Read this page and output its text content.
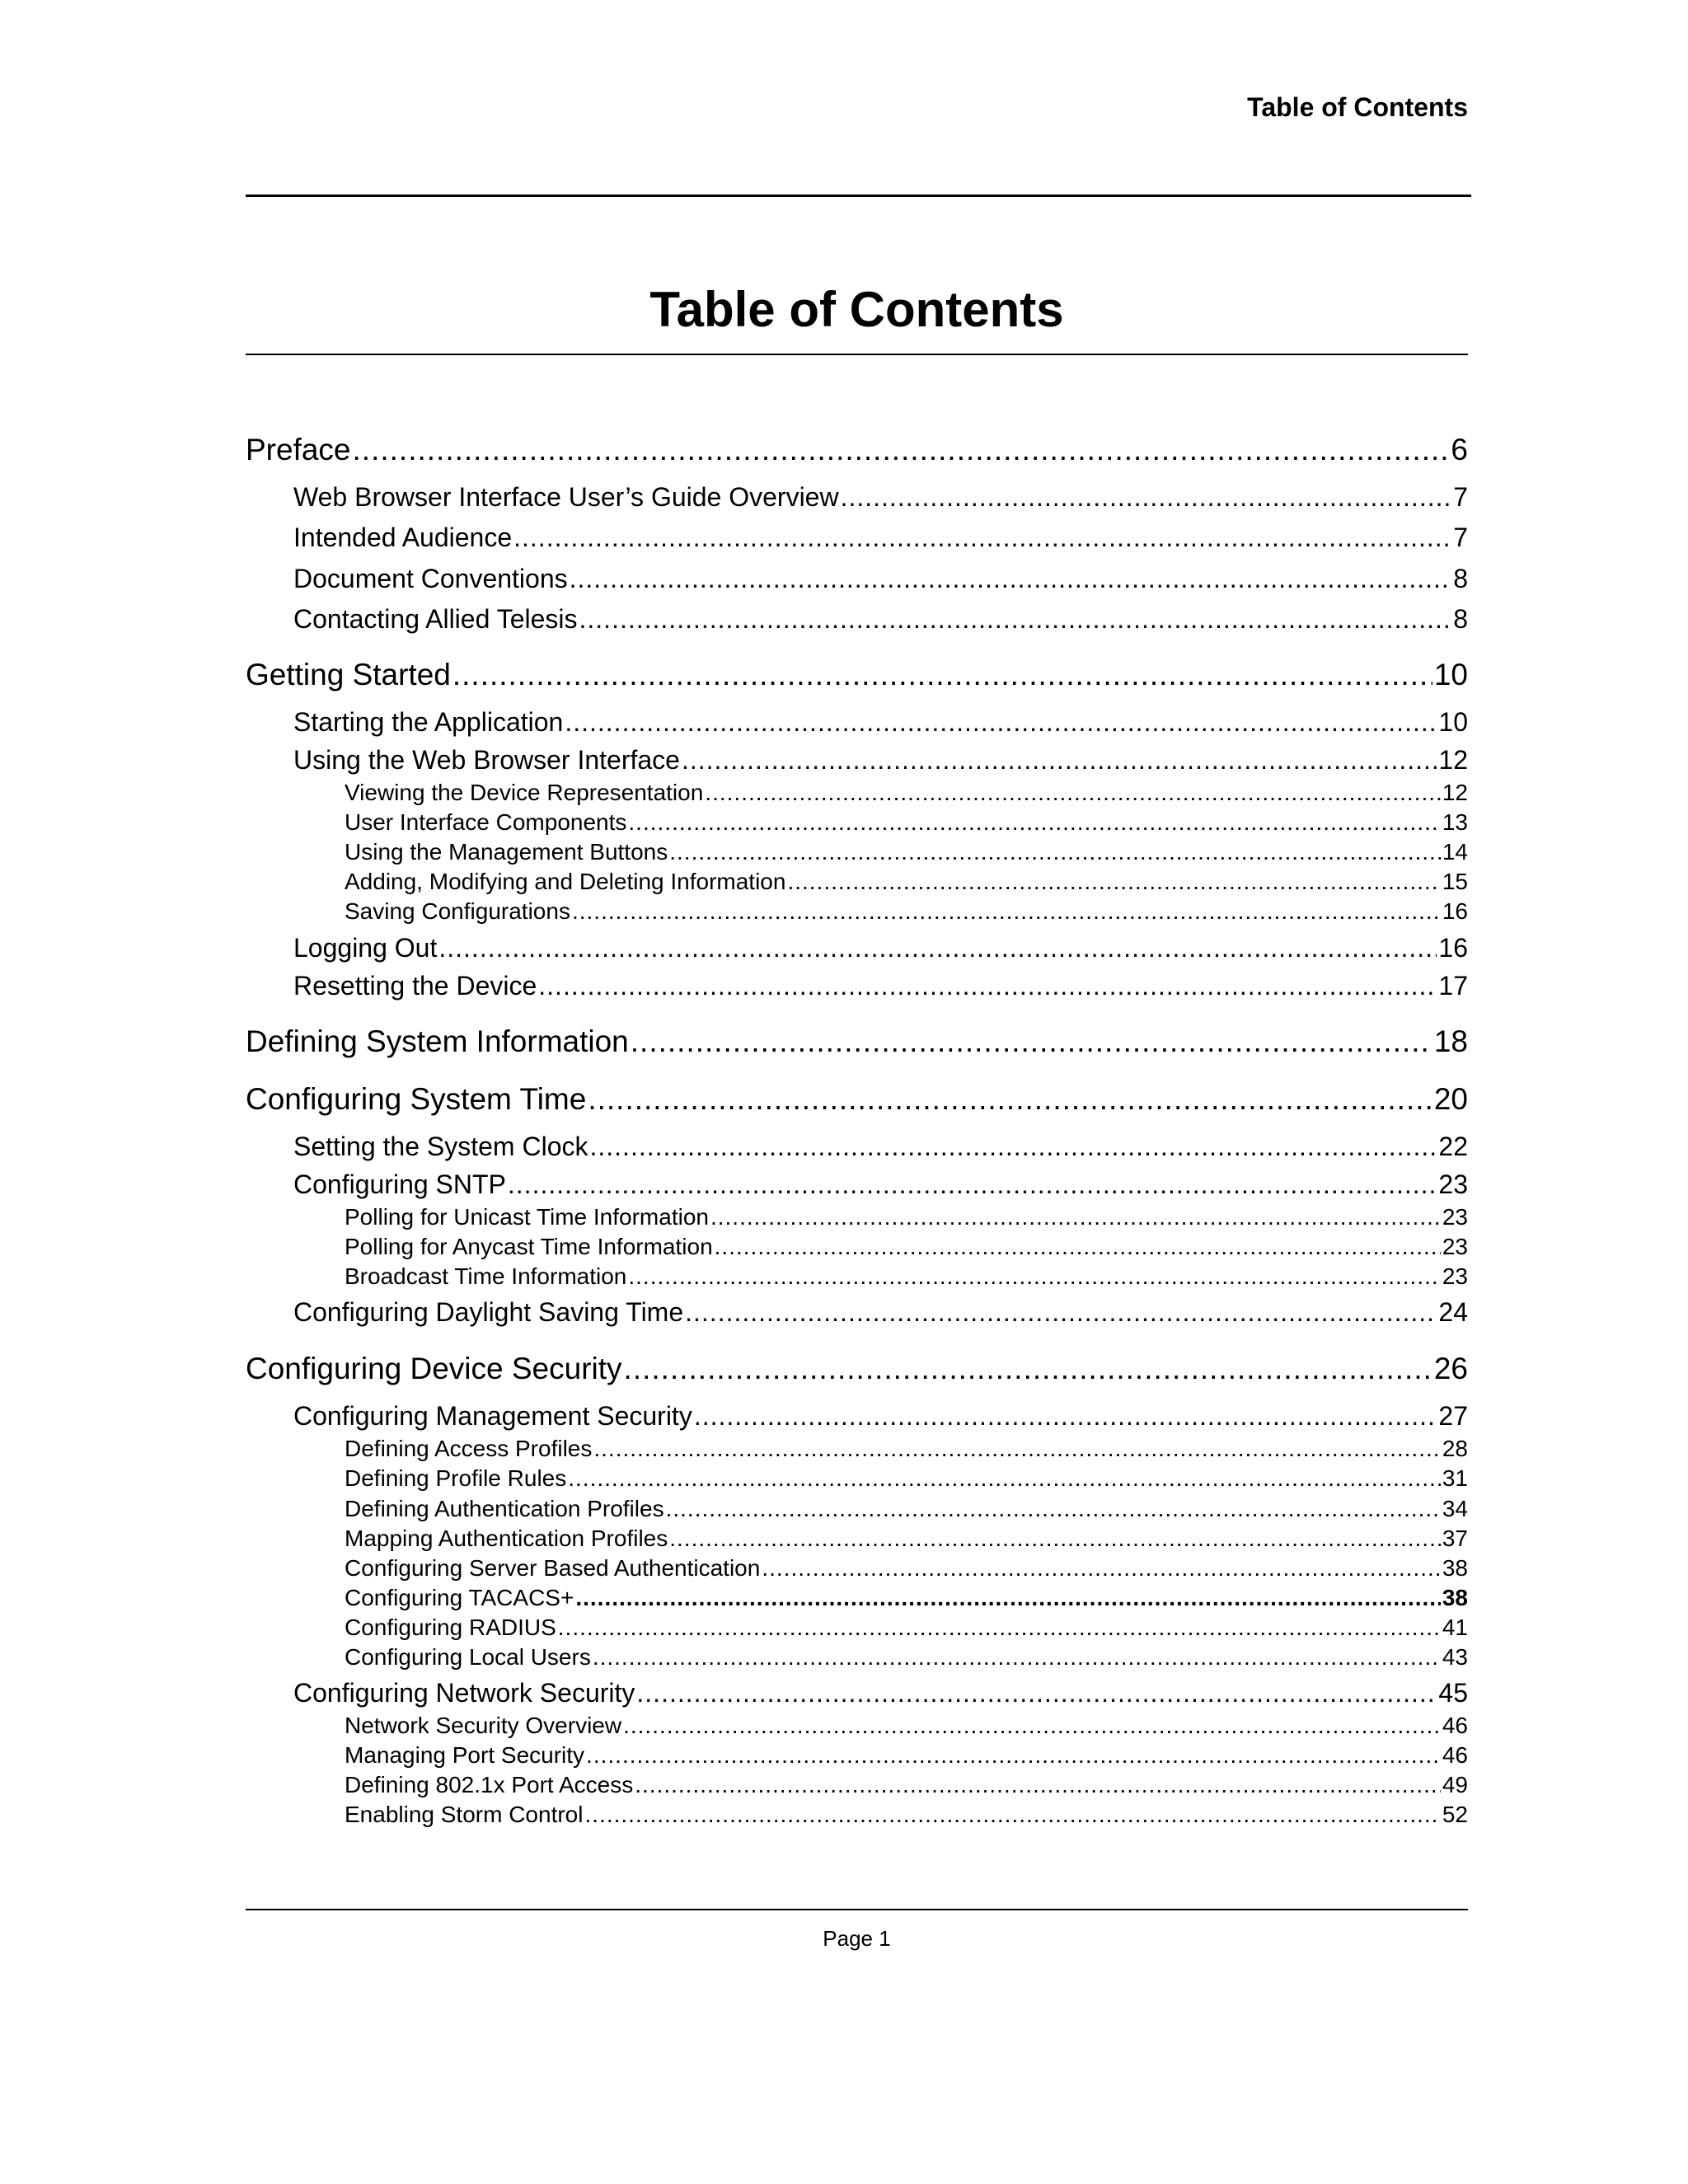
Table of Contents
Table of Contents
Preface .....	6
Web Browser Interface User’s Guide Overview .....	7
Intended Audience .....	7
Document Conventions .....	8
Contacting Allied Telesis .....	8
Getting Started .....	10
Starting the Application .....	10
Using the Web Browser Interface .....	12
Viewing the Device Representation .....	12
User Interface Components .....	13
Using the Management Buttons .....	14
Adding, Modifying and Deleting Information .....	15
Saving Configurations .....	16
Logging Out .....	16
Resetting the Device .....	17
Defining System Information .....	18
Configuring System Time .....	20
Setting the System Clock .....	22
Configuring SNTP .....	23
Polling for Unicast Time Information .....	23
Polling for Anycast Time Information .....	23
Broadcast Time Information .....	23
Configuring Daylight Saving Time .....	24
Configuring Device Security .....	26
Configuring Management Security .....	27
Defining Access Profiles .....	28
Defining Profile Rules .....	31
Defining Authentication Profiles .....	34
Mapping Authentication Profiles .....	37
Configuring Server Based Authentication .....	38
Configuring TACACS+ .....	38
Configuring RADIUS .....	41
Configuring Local Users .....	43
Configuring Network Security .....	45
Network Security Overview .....	46
Managing Port Security .....	46
Defining 802.1x Port Access .....	49
Enabling Storm Control .....	52
Page 1
